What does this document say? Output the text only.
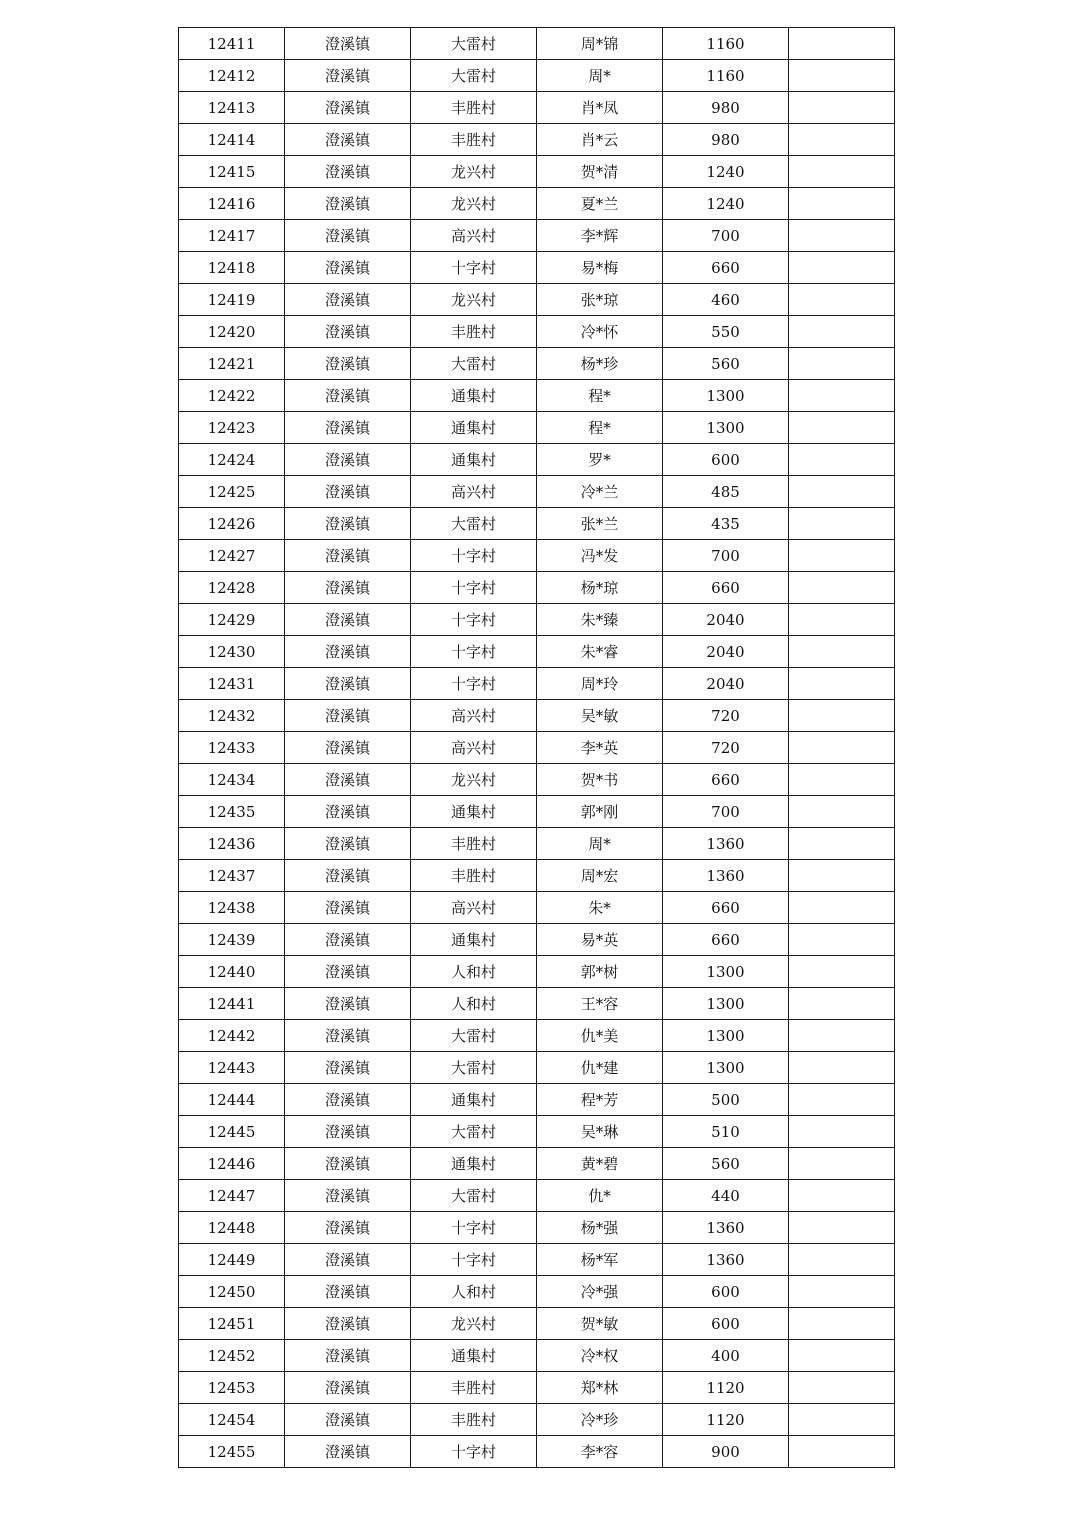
12411	澄溪镇	大雷村	周*锦	1160	
12412	澄溪镇	大雷村	周*	1160	
12413	澄溪镇	丰胜村	肖*凤	980	
12414	澄溪镇	丰胜村	肖*云	980	
12415	澄溪镇	龙兴村	贺*清	1240	
12416	澄溪镇	龙兴村	夏*兰	1240	
12417	澄溪镇	高兴村	李*辉	700	
12418	澄溪镇	十字村	易*梅	660	
12419	澄溪镇	龙兴村	张*琼	460	
12420	澄溪镇	丰胜村	冷*怀	550	
12421	澄溪镇	大雷村	杨*珍	560	
12422	澄溪镇	通集村	程*	1300	
12423	澄溪镇	通集村	程*	1300	
12424	澄溪镇	通集村	罗*	600	
12425	澄溪镇	高兴村	冷*兰	485	
12426	澄溪镇	大雷村	张*兰	435	
12427	澄溪镇	十字村	冯*发	700	
12428	澄溪镇	十字村	杨*琼	660	
12429	澄溪镇	十字村	朱*臻	2040	
12430	澄溪镇	十字村	朱*睿	2040	
12431	澄溪镇	十字村	周*玲	2040	
12432	澄溪镇	高兴村	吴*敏	720	
12433	澄溪镇	高兴村	李*英	720	
12434	澄溪镇	龙兴村	贺*书	660	
12435	澄溪镇	通集村	郭*刚	700	
12436	澄溪镇	丰胜村	周*	1360	
12437	澄溪镇	丰胜村	周*宏	1360	
12438	澄溪镇	高兴村	朱*	660	
12439	澄溪镇	通集村	易*英	660	
12440	澄溪镇	人和村	郭*树	1300	
12441	澄溪镇	人和村	王*容	1300	
12442	澄溪镇	大雷村	仇*美	1300	
12443	澄溪镇	大雷村	仇*建	1300	
12444	澄溪镇	通集村	程*芳	500	
12445	澄溪镇	大雷村	吴*琳	510	
12446	澄溪镇	通集村	黄*碧	560	
12447	澄溪镇	大雷村	仇*	440	
12448	澄溪镇	十字村	杨*强	1360	
12449	澄溪镇	十字村	杨*军	1360	
12450	澄溪镇	人和村	冷*强	600	
12451	澄溪镇	龙兴村	贺*敏	600	
12452	澄溪镇	通集村	冷*权	400	
12453	澄溪镇	丰胜村	郑*林	1120	
12454	澄溪镇	丰胜村	冷*珍	1120	
12455	澄溪镇	十字村	李*容	900	
